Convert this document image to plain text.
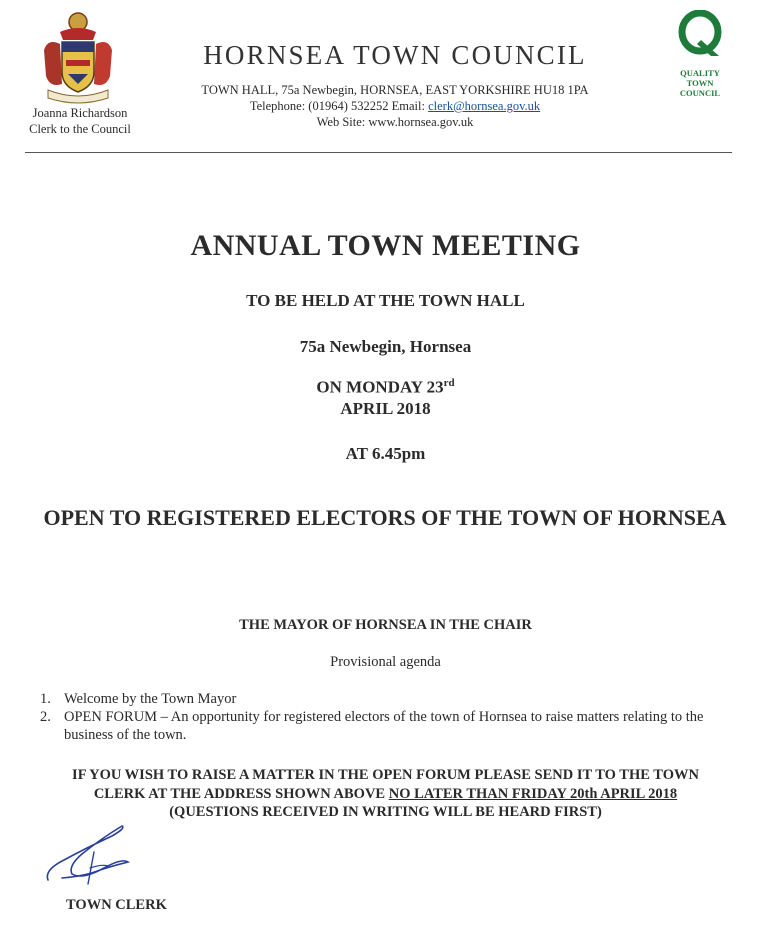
Joanna Richardson
Clerk to the Council
HORNSEA TOWN COUNCIL
TOWN HALL, 75a Newbegin, HORNSEA, EAST YORKSHIRE HU18 1PA
Telephone: (01964) 532252 Email: clerk@hornsea.gov.uk
Web Site: www.hornsea.gov.uk
QUALITY
TOWN
COUNCIL
ANNUAL TOWN MEETING
TO BE HELD AT THE TOWN HALL
75a Newbegin, Hornsea
ON MONDAY 23rd
APRIL 2018
AT 6.45pm
OPEN TO REGISTERED ELECTORS OF THE TOWN OF HORNSEA
THE MAYOR OF HORNSEA IN THE CHAIR
Provisional agenda
1. Welcome by the Town Mayor
2. OPEN FORUM – An opportunity for registered electors of the town of Hornsea to raise matters relating to the business of the town.
IF YOU WISH TO RAISE A MATTER IN THE OPEN FORUM PLEASE SEND IT TO THE TOWN
CLERK AT THE ADDRESS SHOWN ABOVE NO LATER THAN FRIDAY 20th APRIL 2018
(QUESTIONS RECEIVED IN WRITING WILL BE HEARD FIRST)
TOWN CLERK
